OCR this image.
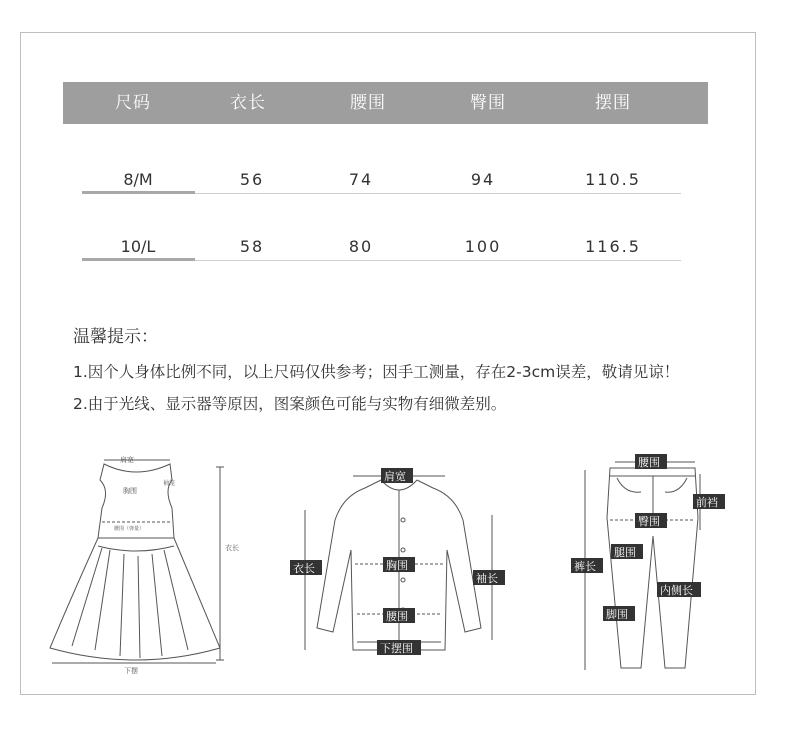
尺码	衣长	腰围	臀围	摆围
8/M	56	74	94	110.5
10/L	58	80	100	116.5
温馨提示：
1.因个人身体比例不同，以上尺码仅供参考；因手工测量，存在2-3cm误差，敬请见谅！
2.由于光线、显示器等原因，图案颜色可能与实物有细微差别。
肩宽
胸围
袖笼
腰围（弹量）
衣长
下摆
肩宽
衣长	胸围
袖长
腰围
下摆围
腰围
前裆
臀围
腿围
裤长
内侧长
脚围
